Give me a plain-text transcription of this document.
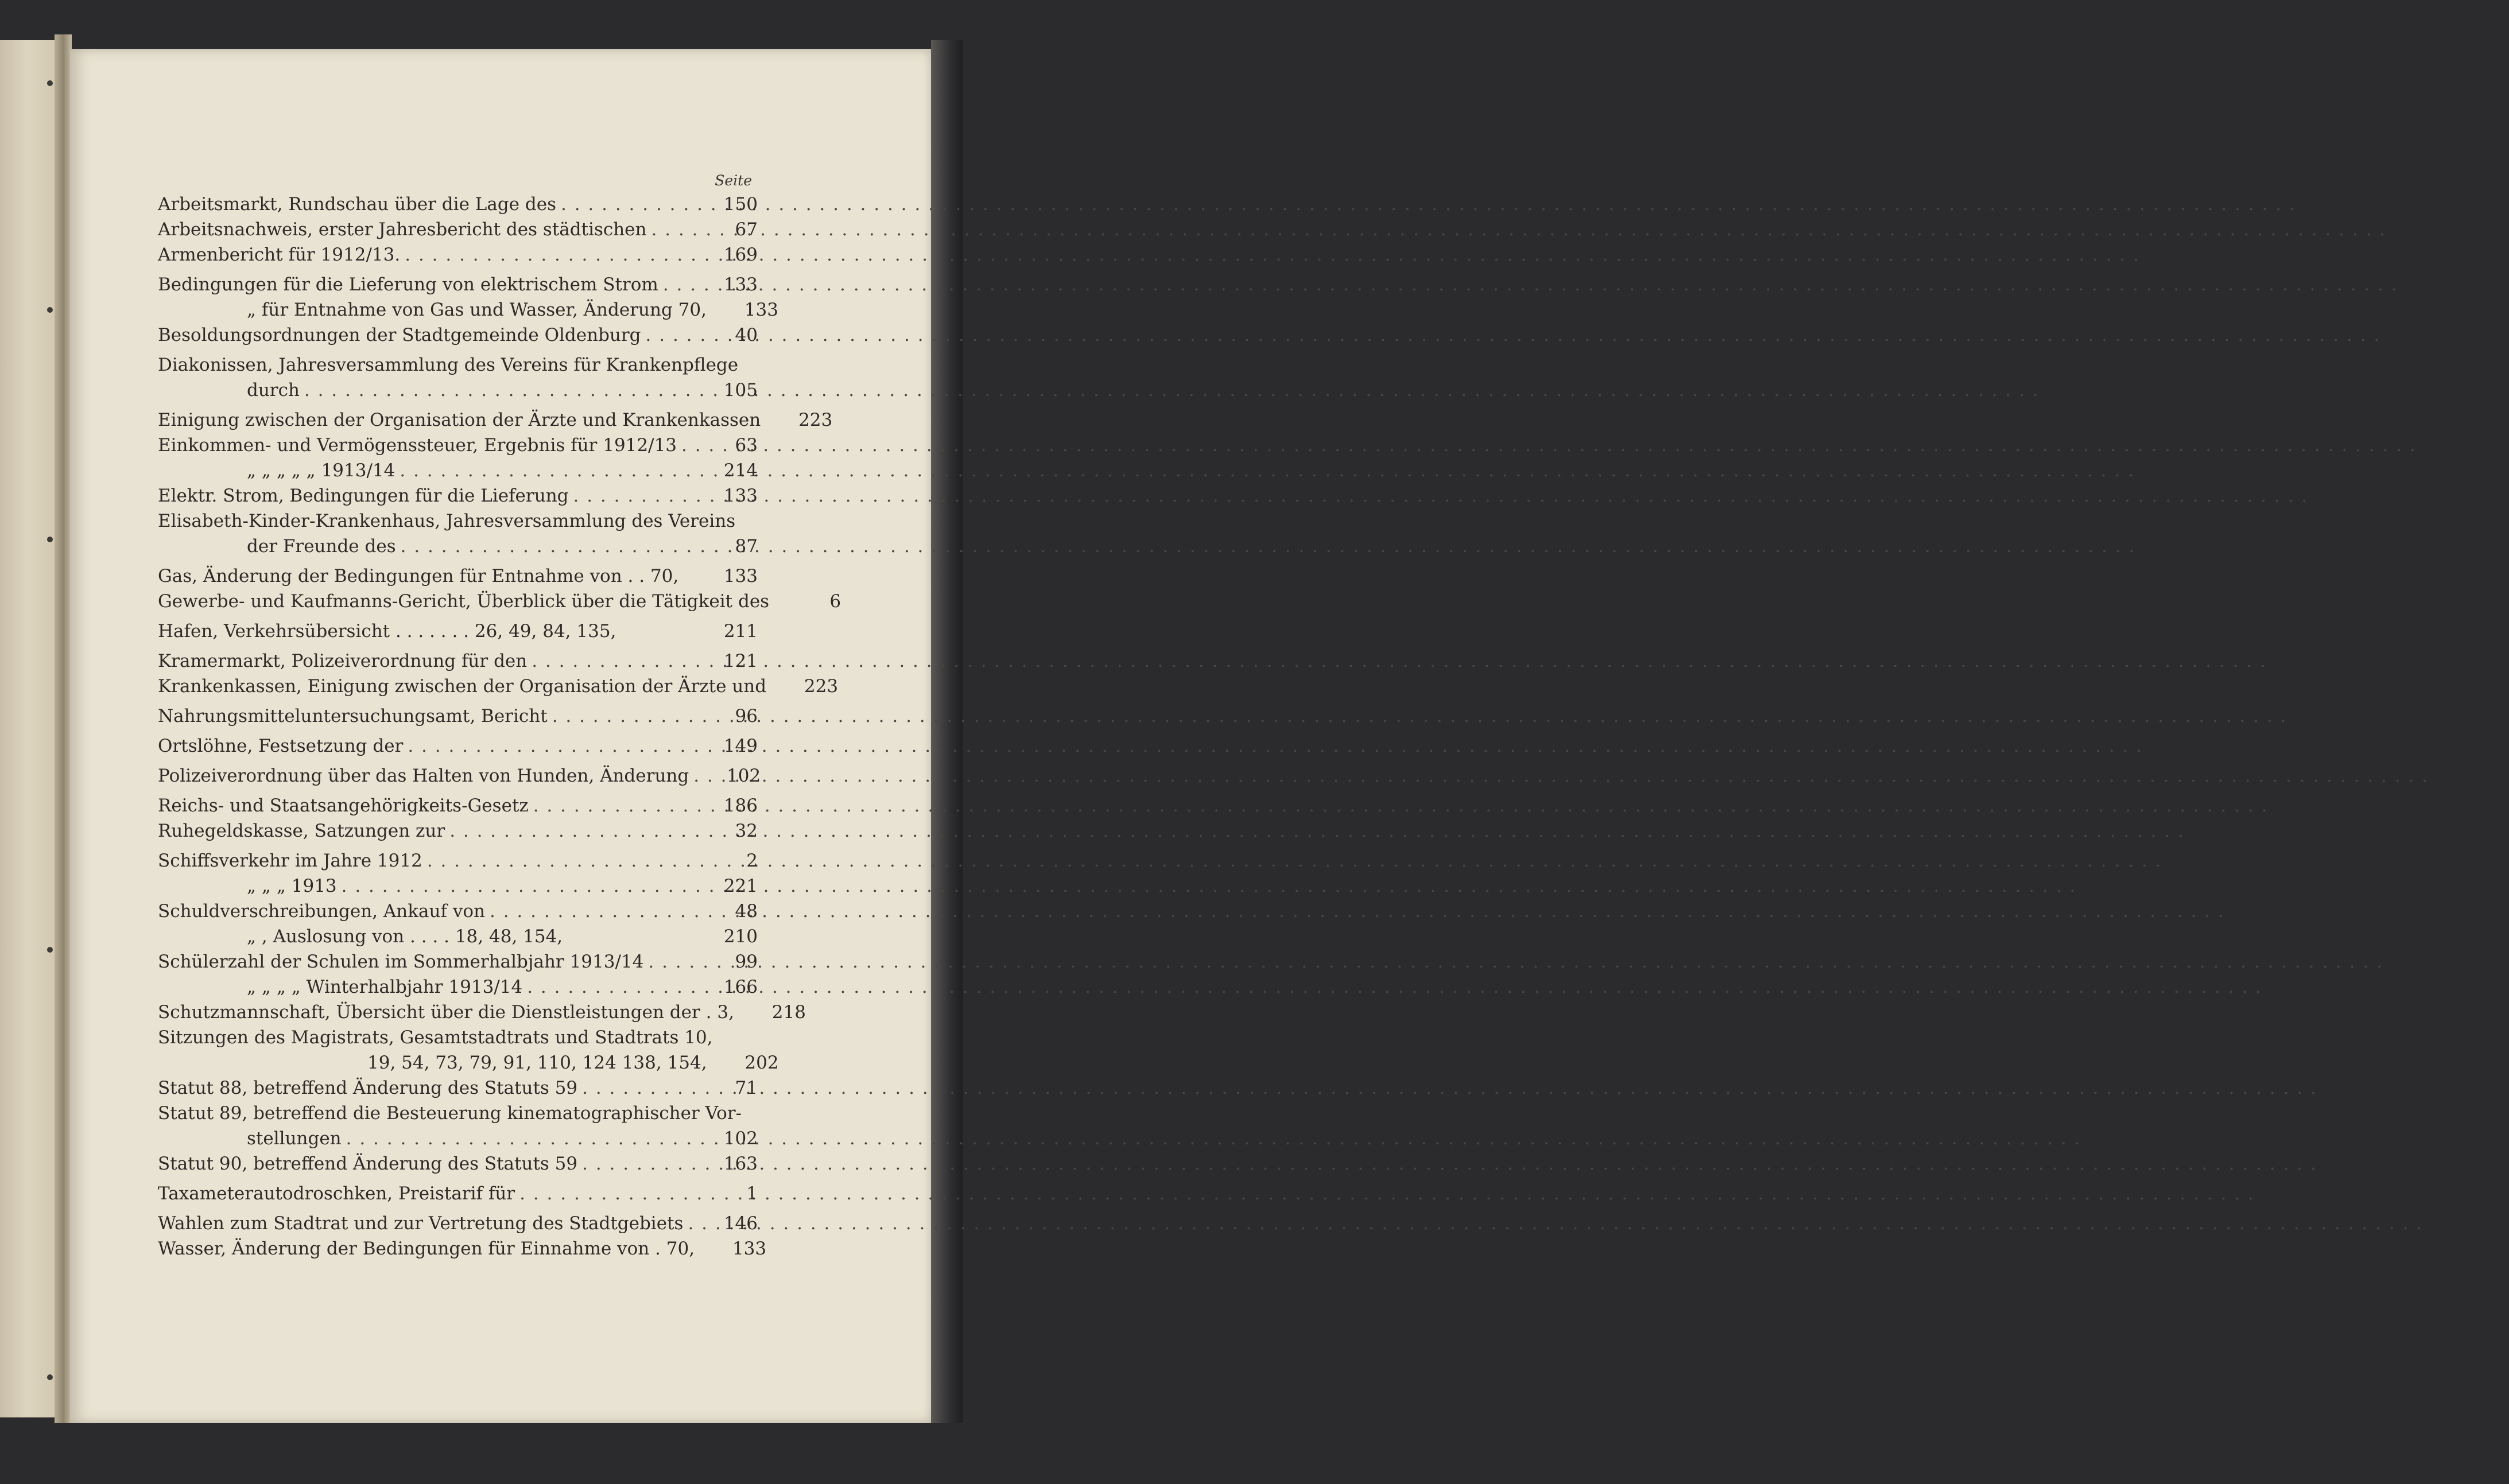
Seite
Arbeitsmarkt, Rundschau über die Lage des . . .	150
Arbeitsnachweis, erster Jahresbericht des städtischen . . .	67
Armenbericht für 1912/13. . . .	169
Bedingungen für die Lieferung von elektrischem Strom . . .	133
„ für Entnahme von Gas und Wasser, Änderung 70,	133
Besoldungsordnungen der Stadtgemeinde Oldenburg . . .	40
Diakonissen, Jahresversammlung des Vereins für Krankenpflege
durch . . .	105
Einigung zwischen der Organisation der Ärzte und Krankenkassen	223
Einkommen- und Vermögenssteuer, Ergebnis für 1912/13 . . .	63
„ „ „ „ „ 1913/14 . . .	214
Elektr. Strom, Bedingungen für die Lieferung . . .	133
Elisabeth-Kinder-Krankenhaus, Jahresversammlung des Vereins
der Freunde des . . .	87
Gas, Änderung der Bedingungen für Entnahme von . . 70,	133
Gewerbe- und Kaufmanns-Gericht, Überblick über die Tätigkeit des	6
Hafen, Verkehrsübersicht . . . . . . . 26, 49, 84, 135,	211
Kramermarkt, Polizeiverordnung für den . . .	121
Krankenkassen, Einigung zwischen der Organisation der Ärzte und	223
Nahrungsmitteluntersuchungsamt, Bericht . . .	96
Ortslöhne, Festsetzung der . . .	149
Polizeiverordnung über das Halten von Hunden, Änderung . . .	102
Reichs- und Staatsangehörigkeits-Gesetz . . .	186
Ruhegeldskasse, Satzungen zur . . .	32
Schiffsverkehr im Jahre 1912 . . .	2
„ „ „ 1913 . . .	221
Schuldverschreibungen, Ankauf von . . .	48
„ , Auslosung von . . . . 18, 48, 154,	210
Schülerzahl der Schulen im Sommerhalbjahr 1913/14 . . .	99
„ „ „ „ Winterhalbjahr 1913/14 . . .	166
Schutzmannschaft, Übersicht über die Dienstleistungen der . 3,	218
Sitzungen des Magistrats, Gesamtstadtrats und Stadtrats 10,
19, 54, 73, 79, 91, 110, 124 138, 154,	202
Statut 88, betreffend Änderung des Statuts 59 . . .	71
Statut 89, betreffend die Besteuerung kinematographischer Vor-
stellungen . . .	102
Statut 90, betreffend Änderung des Statuts 59 . . .	163
Taxameterautodroschken, Preistarif für . . .	1
Wahlen zum Stadtrat und zur Vertretung des Stadtgebiets . . .	146
Wasser, Änderung der Bedingungen für Einnahme von . 70,	133
